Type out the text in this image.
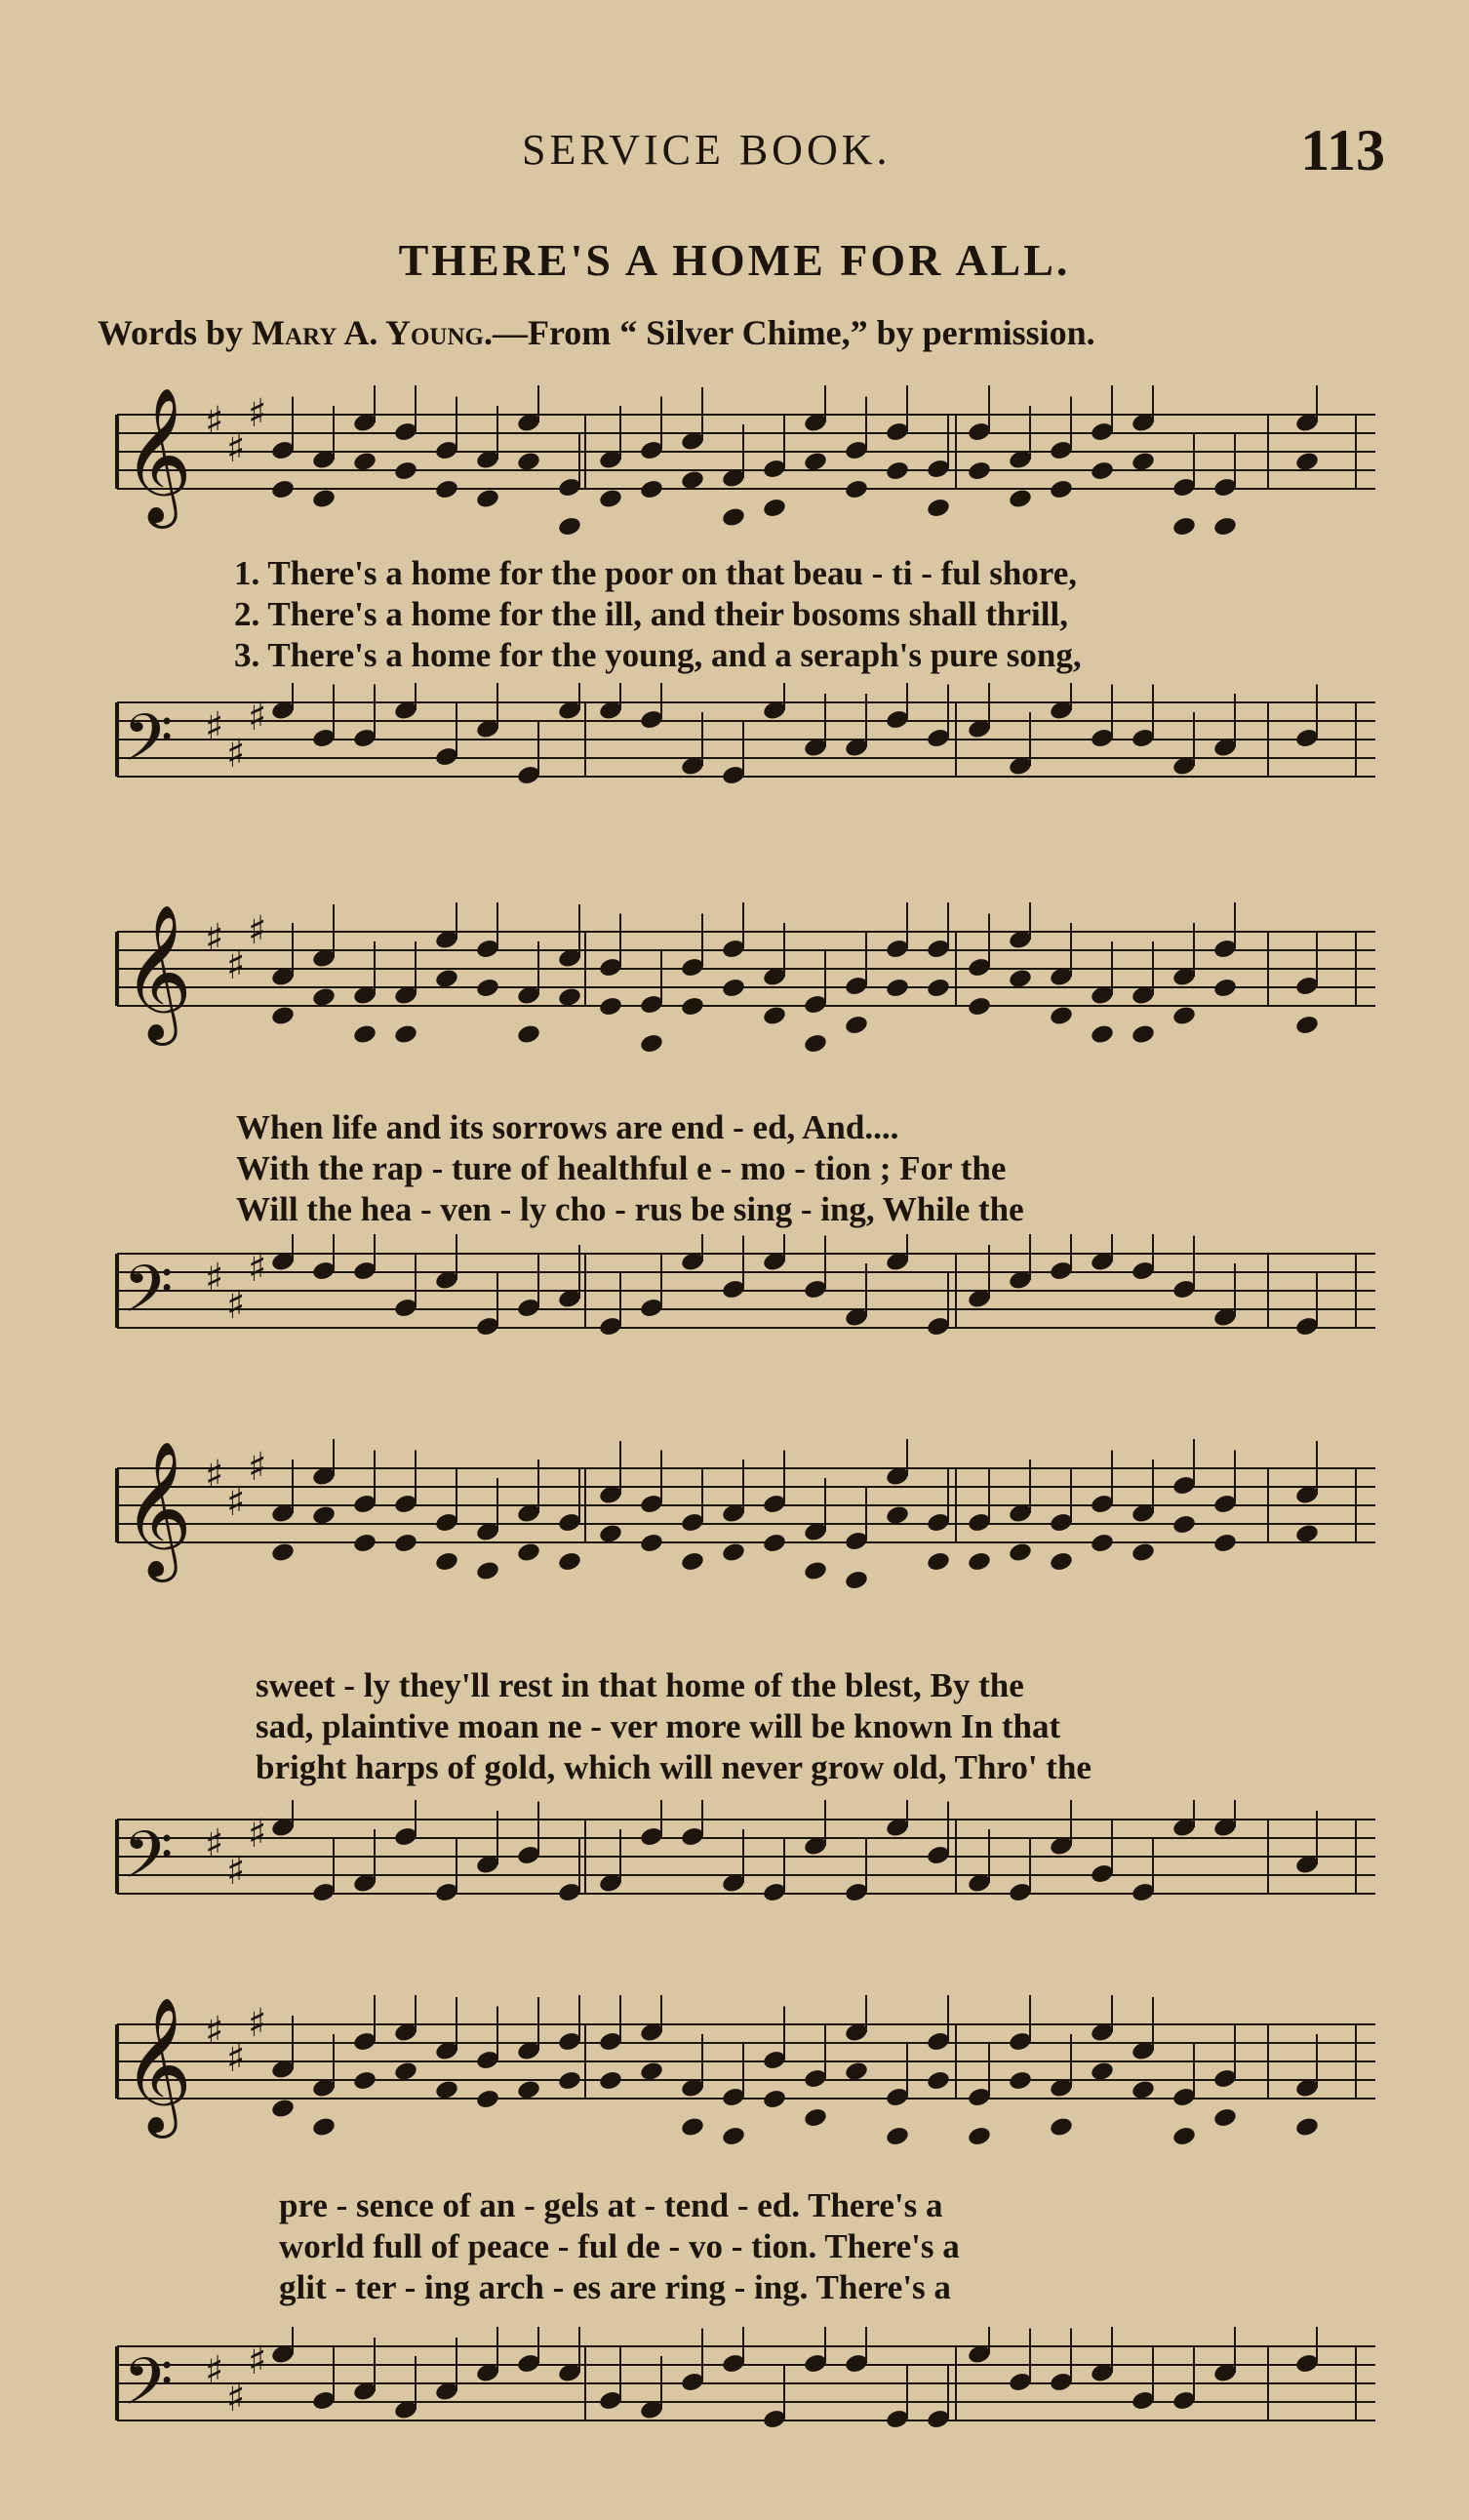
SERVICE BOOK.	113
THERE'S A HOME FOR ALL.
Words by Mary A. Young.—From “ Silver Chime,” by permission.
𝄞 ♯
♯
♯
1. There's a home for the poor on that beau - ti - ful shore,
2. There's a home for the ill, and their bosoms shall thrill,
3. There's a home for the young, and a seraph's pure song,
𝄢 ♯
♯
♯
𝄞 ♯
♯
♯
When life and its sorrows are end - ed, And....
With the rap - ture of healthful e - mo - tion ; For the
Will the hea - ven - ly cho - rus be sing - ing, While the
𝄢 ♯
♯
♯
𝄞 ♯
♯
♯
sweet - ly they'll rest in that home of the blest, By the
sad, plaintive moan ne - ver more will be known In that
bright harps of gold, which will never grow old, Thro' the
𝄢 ♯
♯
♯
𝄞 ♯
♯
♯
pre - sence of an - gels at - tend - ed. There's a
world full of peace - ful de - vo - tion. There's a
glit - ter - ing arch - es are ring - ing. There's a
𝄢 ♯
♯
♯
